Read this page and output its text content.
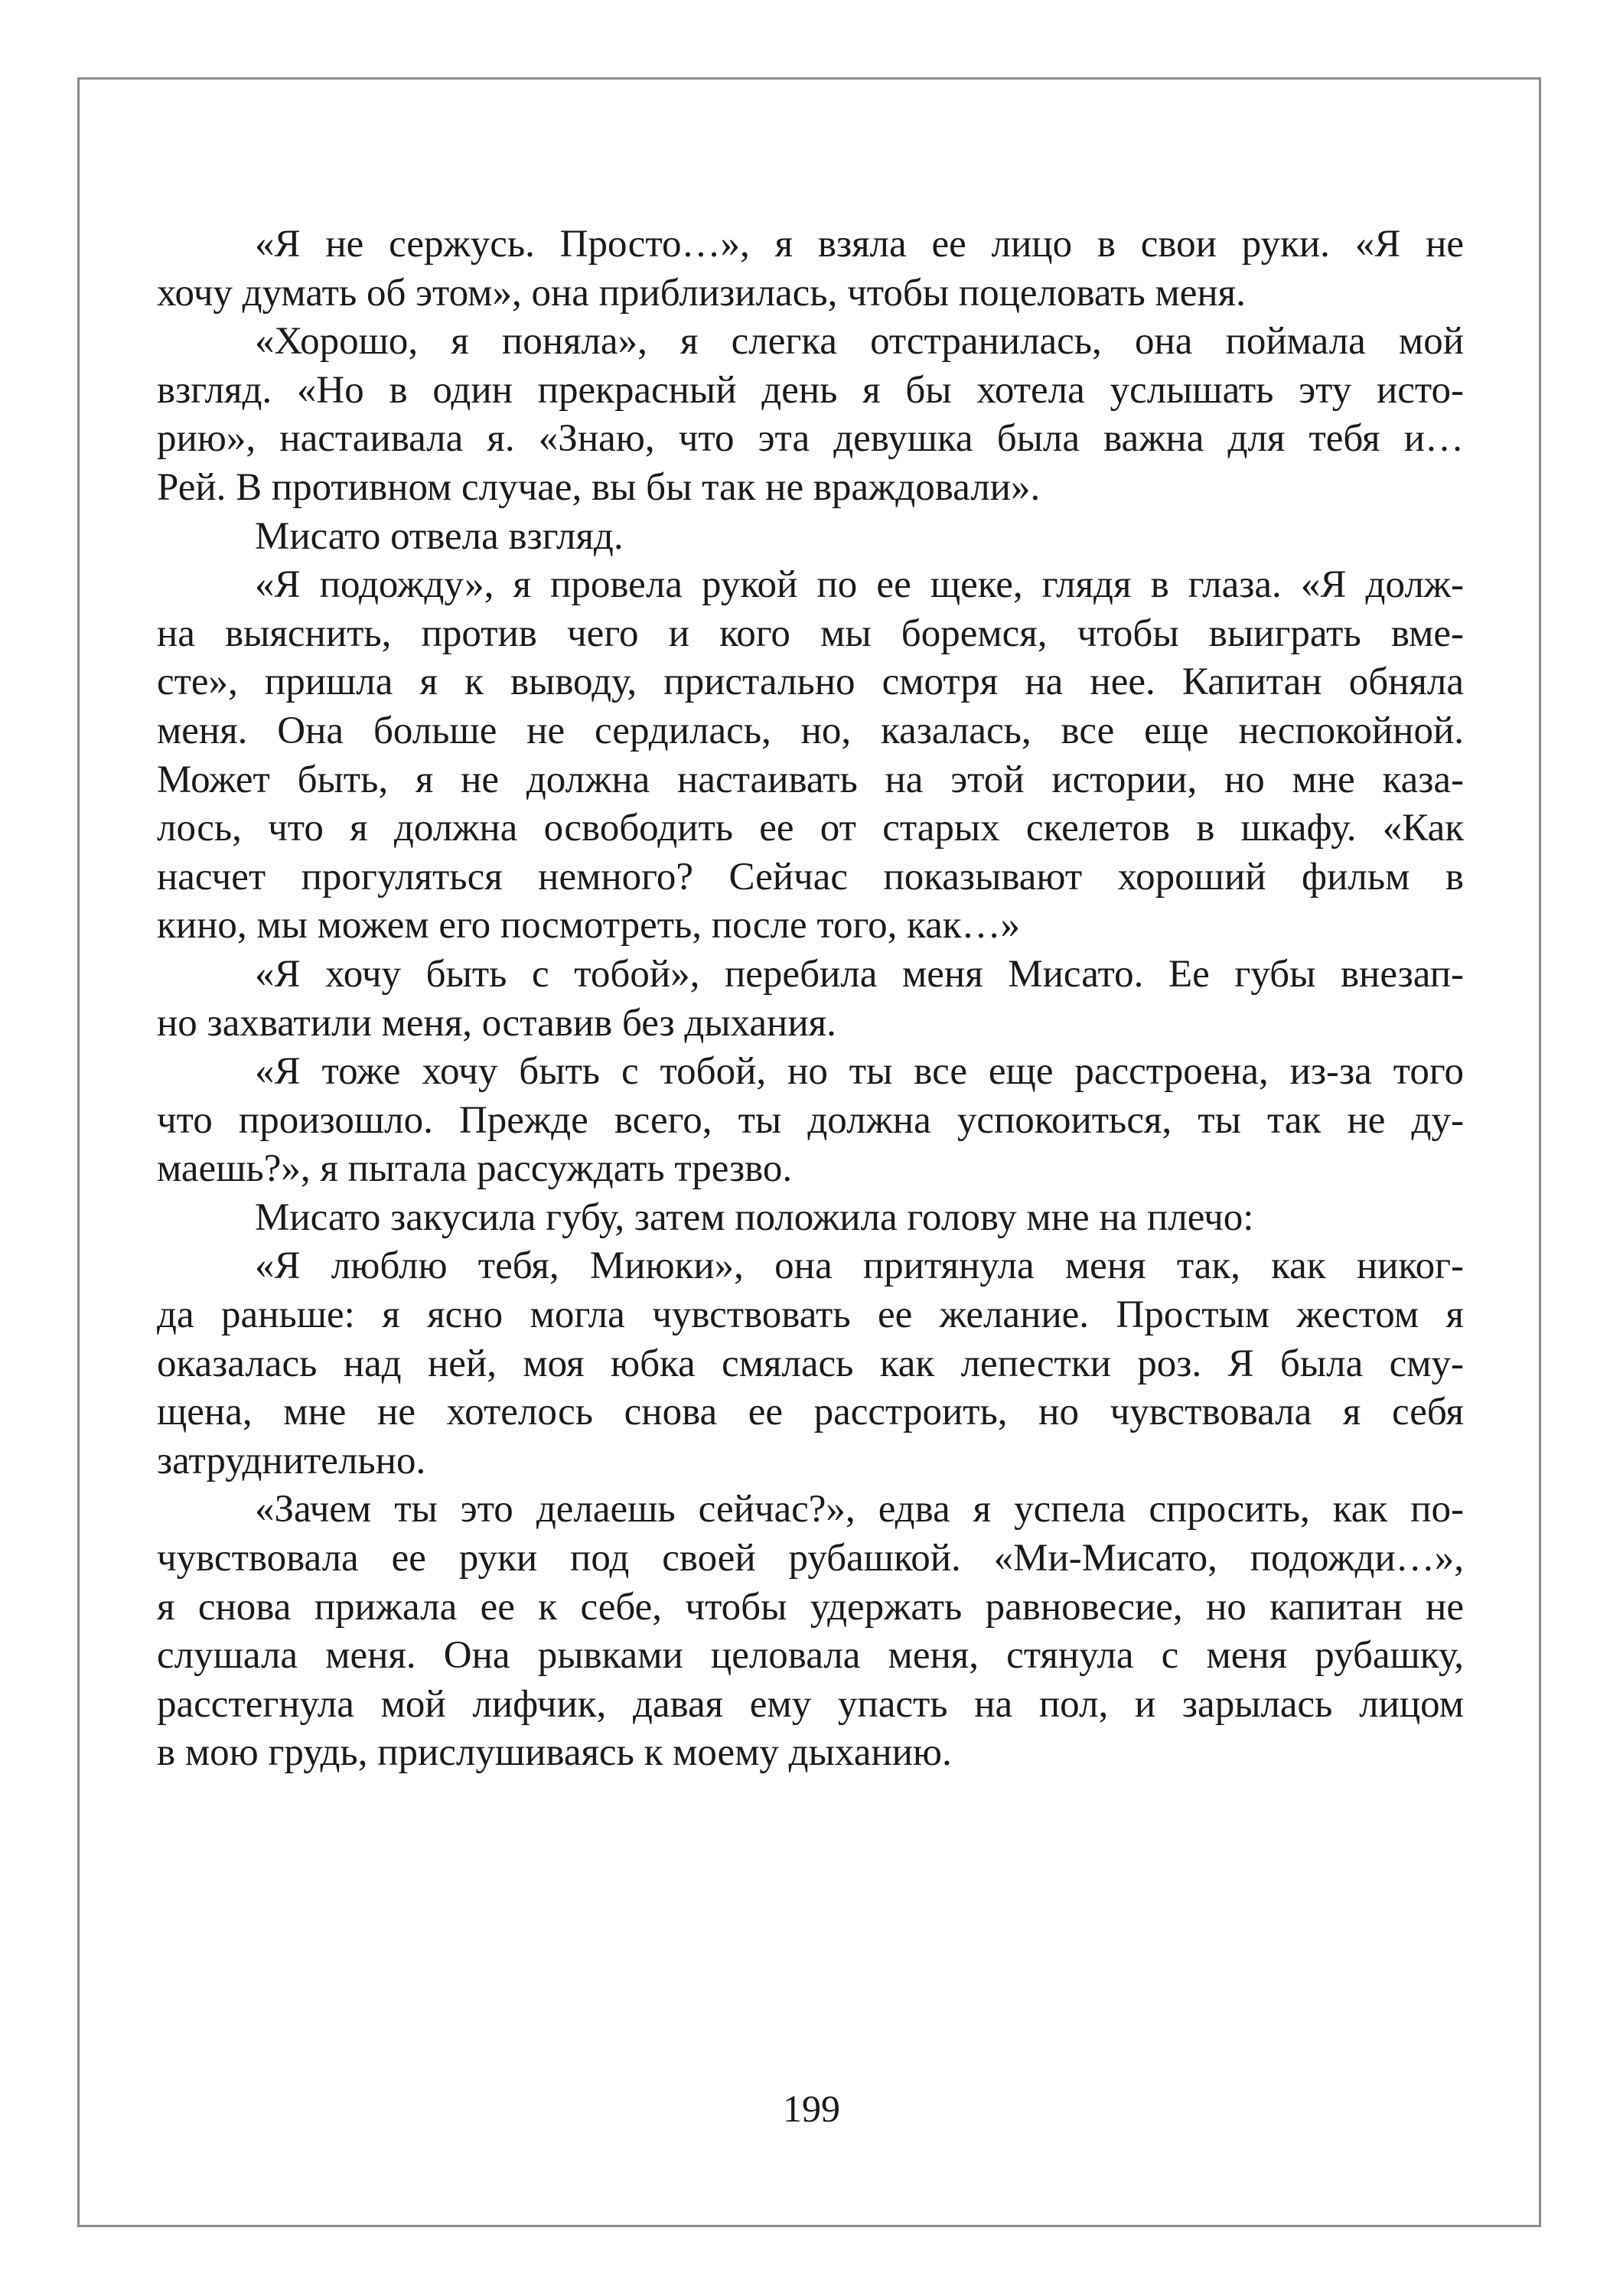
«Я не сержусь. Просто…», я взяла ее лицо в свои руки. «Я не
хочу думать об этом», она приблизилась, чтобы поцеловать меня.

«Хорошо, я поняла», я слегка отстранилась, она поймала мой
взгляд. «Но в один прекрасный день я бы хотела услышать эту исто-
рию», настаивала я. «Знаю, что эта девушка была важна для тебя и…
Рей. В противном случае, вы бы так не враждовали».

Мисато отвела взгляд.

«Я подожду», я провела рукой по ее щеке, глядя в глаза. «Я долж-
на выяснить, против чего и кого мы боремся, чтобы выиграть вме-
сте», пришла я к выводу, пристально смотря на нее. Капитан обняла
меня. Она больше не сердилась, но, казалась, все еще неспокойной.
Может быть, я не должна настаивать на этой истории, но мне каза-
лось, что я должна освободить ее от старых скелетов в шкафу. «Как
насчет прогуляться немного? Сейчас показывают хороший фильм в
кино, мы можем его посмотреть, после того, как…»

«Я хочу быть с тобой», перебила меня Мисато. Ее губы внезап-
но захватили меня, оставив без дыхания.

«Я тоже хочу быть с тобой, но ты все еще расстроена, из-за того
что произошло. Прежде всего, ты должна успокоиться, ты так не ду-
маешь?», я пытала рассуждать трезво.

Мисато закусила губу, затем положила голову мне на плечо:

«Я люблю тебя, Миюки», она притянула меня так, как никог-
да раньше: я ясно могла чувствовать ее желание. Простым жестом я
оказалась над ней, моя юбка смялась как лепестки роз. Я была сму-
щена, мне не хотелось снова ее расстроить, но чувствовала я себя
затруднительно.

«Зачем ты это делаешь сейчас?», едва я успела спросить, как по-
чувствовала ее руки под своей рубашкой. «Ми-Мисато, подожди…»,
я снова прижала ее к себе, чтобы удержать равновесие, но капитан не
слушала меня. Она рывками целовала меня, стянула с меня рубашку,
расстегнула мой лифчик, давая ему упасть на пол, и зарылась лицом
в мою грудь, прислушиваясь к моему дыханию.

199
